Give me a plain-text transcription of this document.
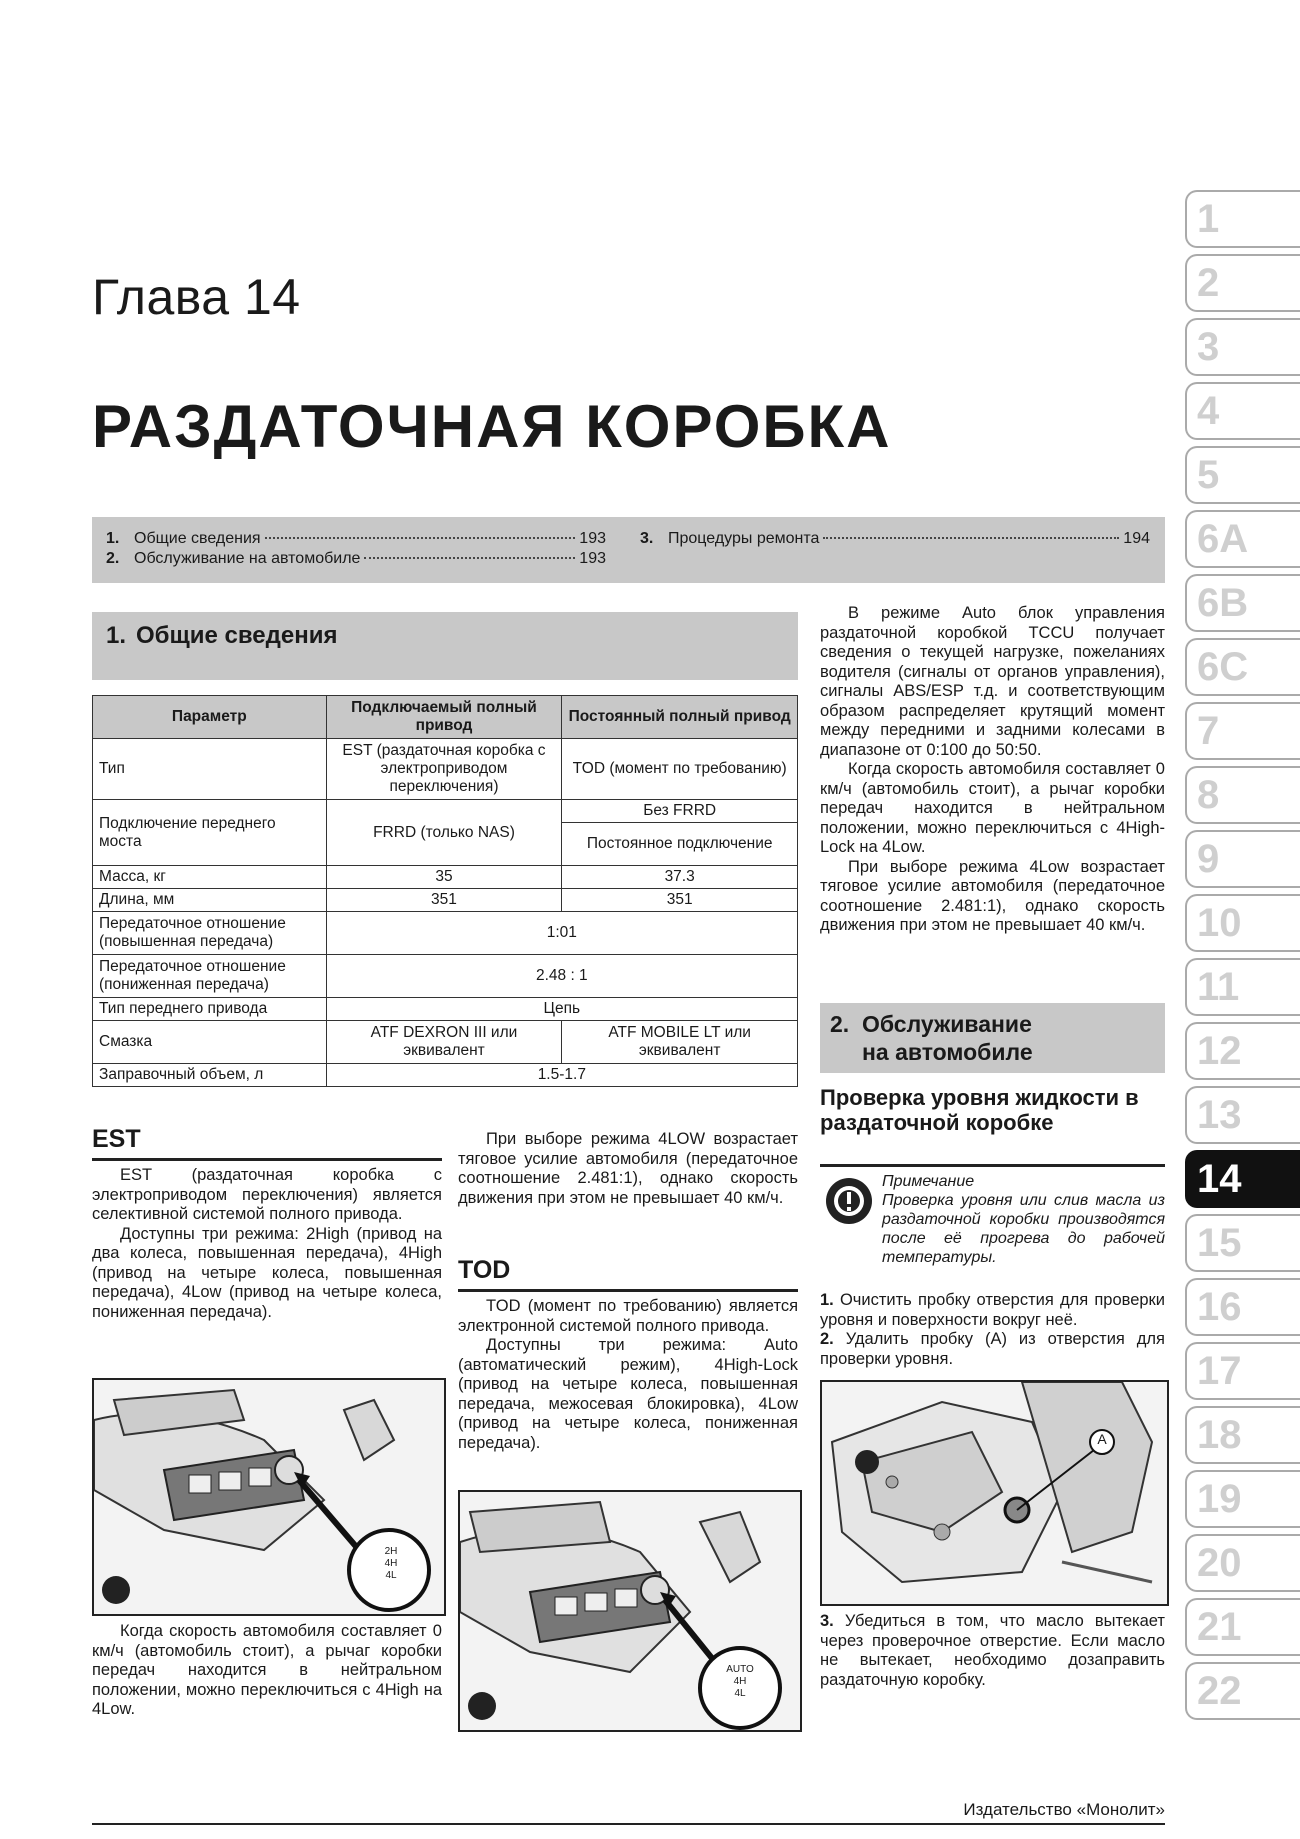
Глава 14
РАЗДАТОЧНАЯ КОРОБКА
1. Общие сведения	193
2. Обслуживание на автомобиле	193
3. Процедуры ремонта	194
1. Общие сведения
Параметр	Подключаемый полный привод	Постоянный полный привод
Тип	EST (раздаточная коробка с электроприводом переключения)	TOD (момент по требованию)
Подключение переднего моста	FRRD (только NAS)	Без FRRD
		Постоянное подключение
Масса, кг	35	37.3
Длина, мм	351	351
Передаточное отношение (повышенная передача)	1:01	
Передаточное отношение (пониженная передача)	2.48 : 1	
Тип переднего привода	Цепь	
Смазка	ATF DEXRON III или эквивалент	ATF MOBILE LT или эквивалент
Заправочный объем, л	1.5-1.7	
EST

EST (раздаточная коробка с электроприводом переключения) является селективной системой полного привода.

Доступны три режима: 2High (привод на два колеса, повышенная передача), 4High (привод на четыре колеса, повышенная передача), 4Low (привод на четыре колеса, пониженная передача).

2H
4H
4L

Когда скорость автомобиля составляет 0 км/ч (автомобиль стоит), а рычаг коробки передач находится в нейтральном положении, можно переключиться с 4High на 4Low.

При выборе режима 4LOW возрастает тяговое усилие автомобиля (передаточное соотношение 2.481:1), однако скорость движения при этом не превышает 40 км/ч.

TOD

TOD (момент по требованию) является электронной системой полного привода.

Доступны три режима: Auto (автоматический режим), 4High-Lock (привод на четыре колеса, повышенная передача, межосевая блокировка), 4Low (привод на четыре колеса, пониженная передача).

AUTO
4H
4L

В режиме Auto блок управления раздаточной коробкой TCCU получает сведения о текущей нагрузке, пожеланиях водителя (сигналы от органов управления), сигналы ABS/ESP т.д. и соответствующим образом распределяет крутящий момент между передними и задними колесами в диапазоне от 0:100 до 50:50.

Когда скорость автомобиля составляет 0 км/ч (автомобиль стоит), а рычаг коробки передач находится в нейтральном положении, можно переключиться с 4High-Lock на 4Low.

При выборе режима 4Low возрастает тяговое усилие автомобиля (передаточное соотношение 2.481:1), однако скорость движения при этом не превышает 40 км/ч.

2. Обслуживание
на автомобиле
Проверка уровня жидкости в раздаточной коробке

Примечание

Проверка уровня или слив масла из раздаточной коробки производятся после её прогрева до рабочей температуры.

1. Очистить пробку отверстия для проверки уровня и поверхности вокруг неё.

2. Удалить пробку (A) из отверстия для проверки уровня.

A

3. Убедиться в том, что масло вытекает через проверочное отверстие. Если масло не вытекает, необходимо дозаправить раздаточную коробку.

Издательство «Монолит»
1
2
3
4
5
6A
6B
6C
7
8
9
10
11
12
13
14
15
16
17
18
19
20
21
22
